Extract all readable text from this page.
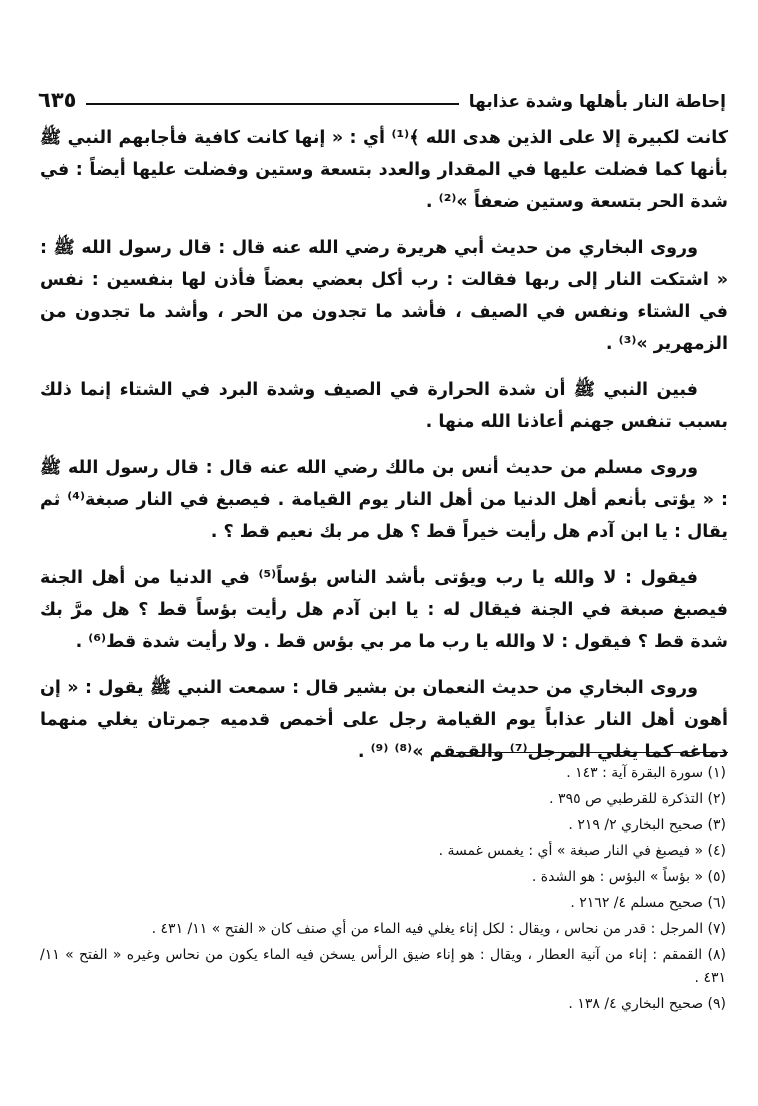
إحاطة النار بأهلها وشدة عذابها
٦٣٥

كانت لكبيرة إلا على الذين هدى الله ﴾⁽¹⁾ أي : « إنها كانت كافية فأجابهم النبي ﷺ بأنها كما فضلت عليها في المقدار والعدد بتسعة وستين وفضلت عليها أيضاً : في شدة الحر بتسعة وستين ضعفاً »⁽²⁾ .

وروى البخاري من حديث أبي هريرة رضي الله عنه قال : قال رسول الله ﷺ : « اشتكت النار إلى ربها فقالت : رب أكل بعضي بعضاً فأذن لها بنفسين : نفس في الشتاء ونفس في الصيف ، فأشد ما تجدون من الحر ، وأشد ما تجدون من الزمهرير »⁽³⁾ .

فبين النبي ﷺ أن شدة الحرارة في الصيف وشدة البرد في الشتاء إنما ذلك بسبب تنفس جهنم أعاذنا الله منها .

وروى مسلم من حديث أنس بن مالك رضي الله عنه قال : قال رسول الله ﷺ : « يؤتى بأنعم أهل الدنيا من أهل النار يوم القيامة . فيصبغ في النار صبغة⁽⁴⁾ ثم يقال : يا ابن آدم هل رأيت خيراً قط ؟ هل مر بك نعيم قط ؟ .

فيقول : لا والله يا رب ويؤتى بأشد الناس بؤساً⁽⁵⁾ في الدنيا من أهل الجنة فيصبغ صبغة في الجنة فيقال له : يا ابن آدم هل رأيت بؤساً قط ؟ هل مرَّ بك شدة قط ؟ فيقول : لا والله يا رب ما مر بي بؤس قط . ولا رأيت شدة قط⁽⁶⁾ .

وروى البخاري من حديث النعمان بن بشير قال : سمعت النبي ﷺ يقول : « إن أهون أهل النار عذاباً يوم القيامة رجل على أخمص قدميه جمرتان يغلي منهما دماغه كما يغلي المرجل⁽⁷⁾ والقمقم »⁽⁸⁾ ⁽⁹⁾ .

(١) سورة البقرة آية : ١٤٣ .
(٢) التذكرة للقرطبي ص ٣٩٥ .
(٣) صحيح البخاري ٢/ ٢١٩ .
(٤) « فيصبغ في النار صبغة » أي : يغمس غمسة .
(٥) « بؤساً » البؤس : هو الشدة .
(٦) صحيح مسلم ٤/ ٢١٦٢ .
(٧) المرجل : قدر من نحاس ، ويقال : لكل إناء يغلي فيه الماء من أي صنف كان « الفتح » ١١/ ٤٣١ .
(٨) القمقم : إناء من آنية العطار ، ويقال : هو إناء ضيق الرأس يسخن فيه الماء يكون من نحاس وغيره « الفتح » ١١/ ٤٣١ .
(٩) صحيح البخاري ٤/ ١٣٨ .
